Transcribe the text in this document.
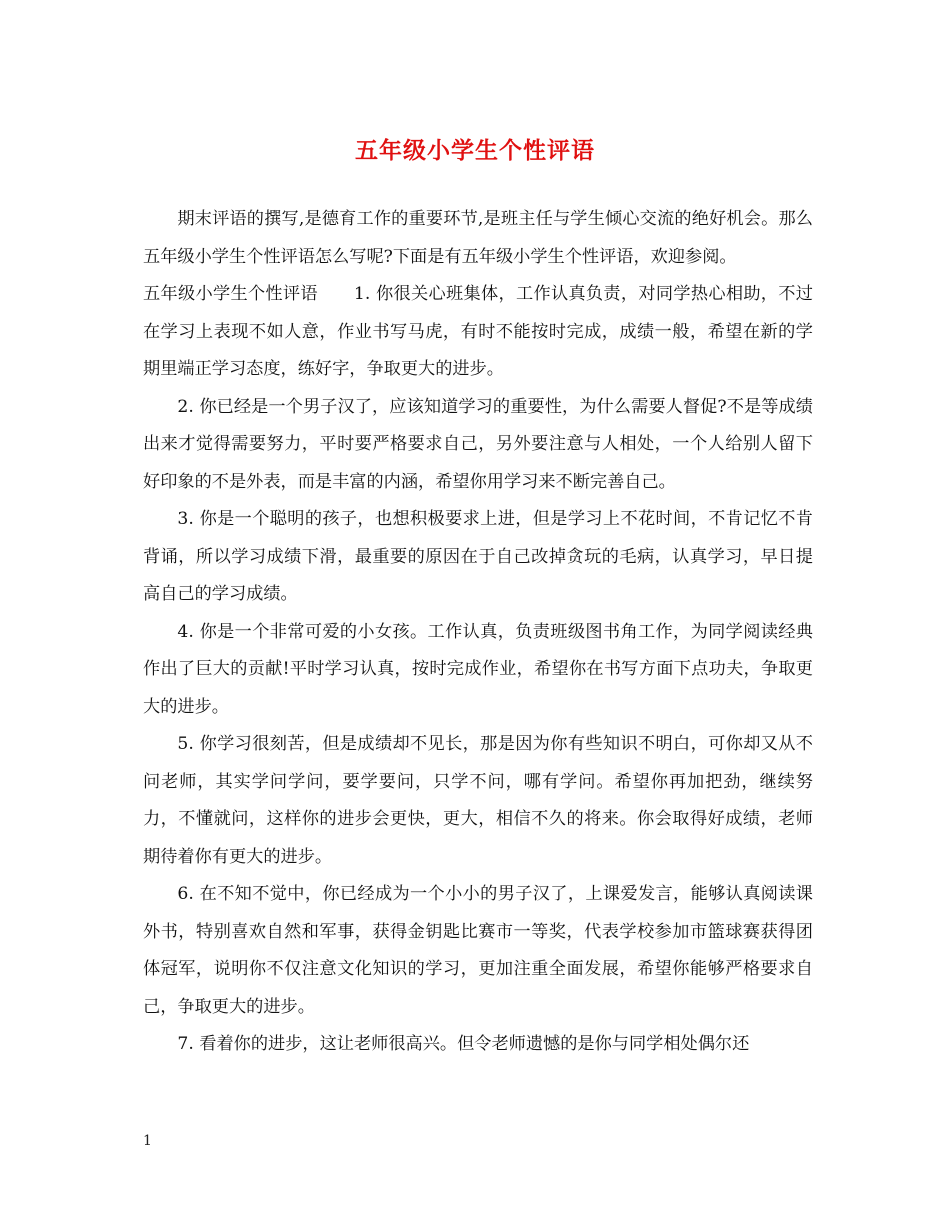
五年级小学生个性评语

期末评语的撰写,是德育工作的重要环节,是班主任与学生倾心交流的绝好机会。那么五年级小学生个性评语怎么写呢?下面是有五年级小学生个性评语，欢迎参阅。

五年级小学生个性评语 1. 你很关心班集体，工作认真负责，对同学热心相助，不过在学习上表现不如人意，作业书写马虎，有时不能按时完成，成绩一般，希望在新的学期里端正学习态度，练好字，争取更大的进步。

2. 你已经是一个男子汉了，应该知道学习的重要性，为什么需要人督促?不是等成绩出来才觉得需要努力，平时要严格要求自己，另外要注意与人相处，一个人给别人留下好印象的不是外表，而是丰富的内涵，希望你用学习来不断完善自己。

3. 你是一个聪明的孩子，也想积极要求上进，但是学习上不花时间，不肯记忆不肯背诵，所以学习成绩下滑，最重要的原因在于自己改掉贪玩的毛病，认真学习，早日提高自己的学习成绩。

4. 你是一个非常可爱的小女孩。工作认真，负责班级图书角工作，为同学阅读经典作出了巨大的贡献!平时学习认真，按时完成作业，希望你在书写方面下点功夫，争取更大的进步。

5. 你学习很刻苦，但是成绩却不见长，那是因为你有些知识不明白，可你却又从不问老师，其实学问学问，要学要问，只学不问，哪有学问。希望你再加把劲，继续努力，不懂就问，这样你的进步会更快，更大，相信不久的将来。你会取得好成绩，老师期待着你有更大的进步。

6. 在不知不觉中，你已经成为一个小小的男子汉了，上课爱发言，能够认真阅读课外书，特别喜欢自然和军事，获得金钥匙比赛市一等奖，代表学校参加市篮球赛获得团体冠军，说明你不仅注意文化知识的学习，更加注重全面发展，希望你能够严格要求自己，争取更大的进步。

7. 看着你的进步，这让老师很高兴。但令老师遗憾的是你与同学相处偶尔还

1
